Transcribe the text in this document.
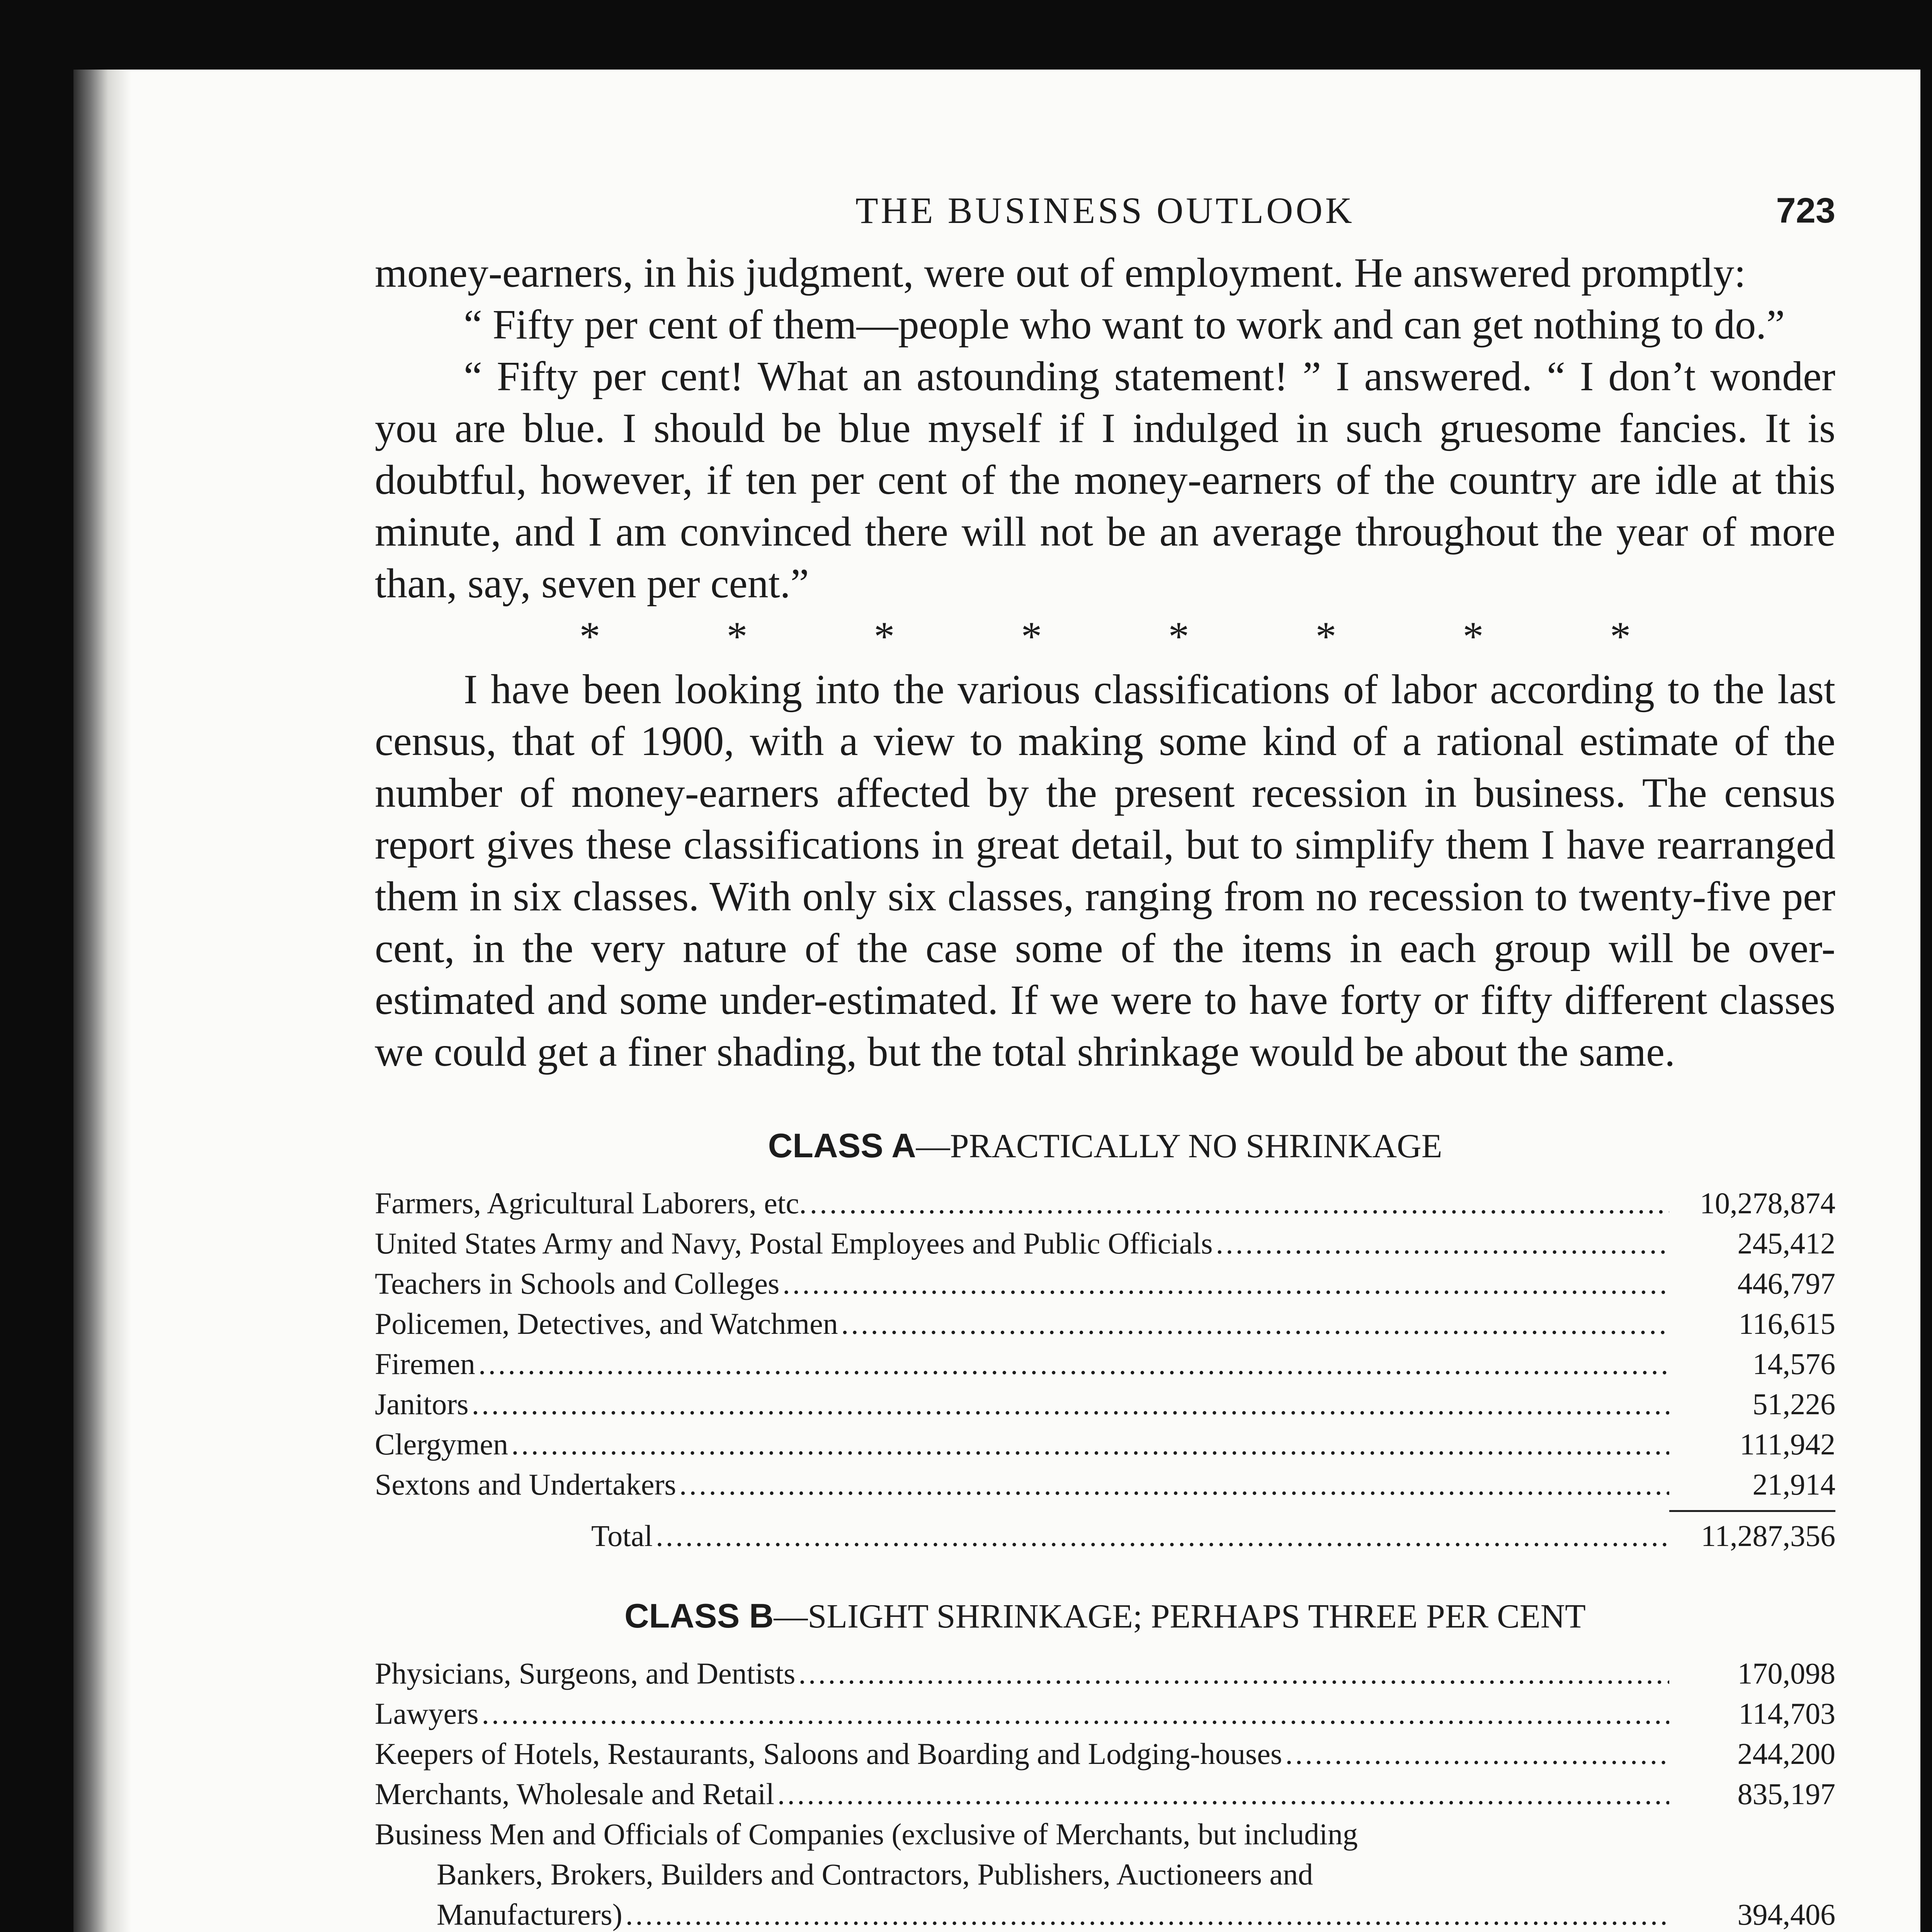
THE BUSINESS OUTLOOK	723

money-earners, in his judgment, were out of employment. He answered promptly:

“ Fifty per cent of them—people who want to work and can get nothing to do.”

“ Fifty per cent! What an astounding statement! ” I answered. “ I don’t wonder you are blue. I should be blue myself if I indulged in such gruesome fancies. It is doubtful, however, if ten per cent of the money-earners of the country are idle at this minute, and I am convinced there will not be an average throughout the year of more than, say, seven per cent.”

* * * * * * * *

I have been looking into the various classifications of labor according to the last census, that of 1900, with a view to making some kind of a rational estimate of the number of money-earners affected by the present recession in business. The census report gives these classifications in great detail, but to simplify them I have rearranged them in six classes. With only six classes, ranging from no recession to twenty-five per cent, in the very nature of the case some of the items in each group will be over-estimated and some under-estimated. If we were to have forty or fifty different classes we could get a finer shading, but the total shrinkage would be about the same.

CLASS A—PRACTICALLY NO SHRINKAGE
Farmers, Agricultural Laborers, etc. .....	10,278,874
United States Army and Navy, Postal Employees and Public Officials .....	245,412
Teachers in Schools and Colleges .....	446,797
Policemen, Detectives, and Watchmen .....	116,615
Firemen .....	14,576
Janitors .....	51,226
Clergymen .....	111,942
Sextons and Undertakers .....	21,914
Total .....	11,287,356
CLASS B—SLIGHT SHRINKAGE; PERHAPS THREE PER CENT
Physicians, Surgeons, and Dentists .....	170,098
Lawyers .....	114,703
Keepers of Hotels, Restaurants, Saloons and Boarding and Lodging-houses .....	244,200
Merchants, Wholesale and Retail .....	835,197
Business Men and Officials of Companies (exclusive of Merchants, but including
Bankers, Brokers, Builders and Contractors, Publishers, Auctioneers and
Manufacturers) .....	394,406
